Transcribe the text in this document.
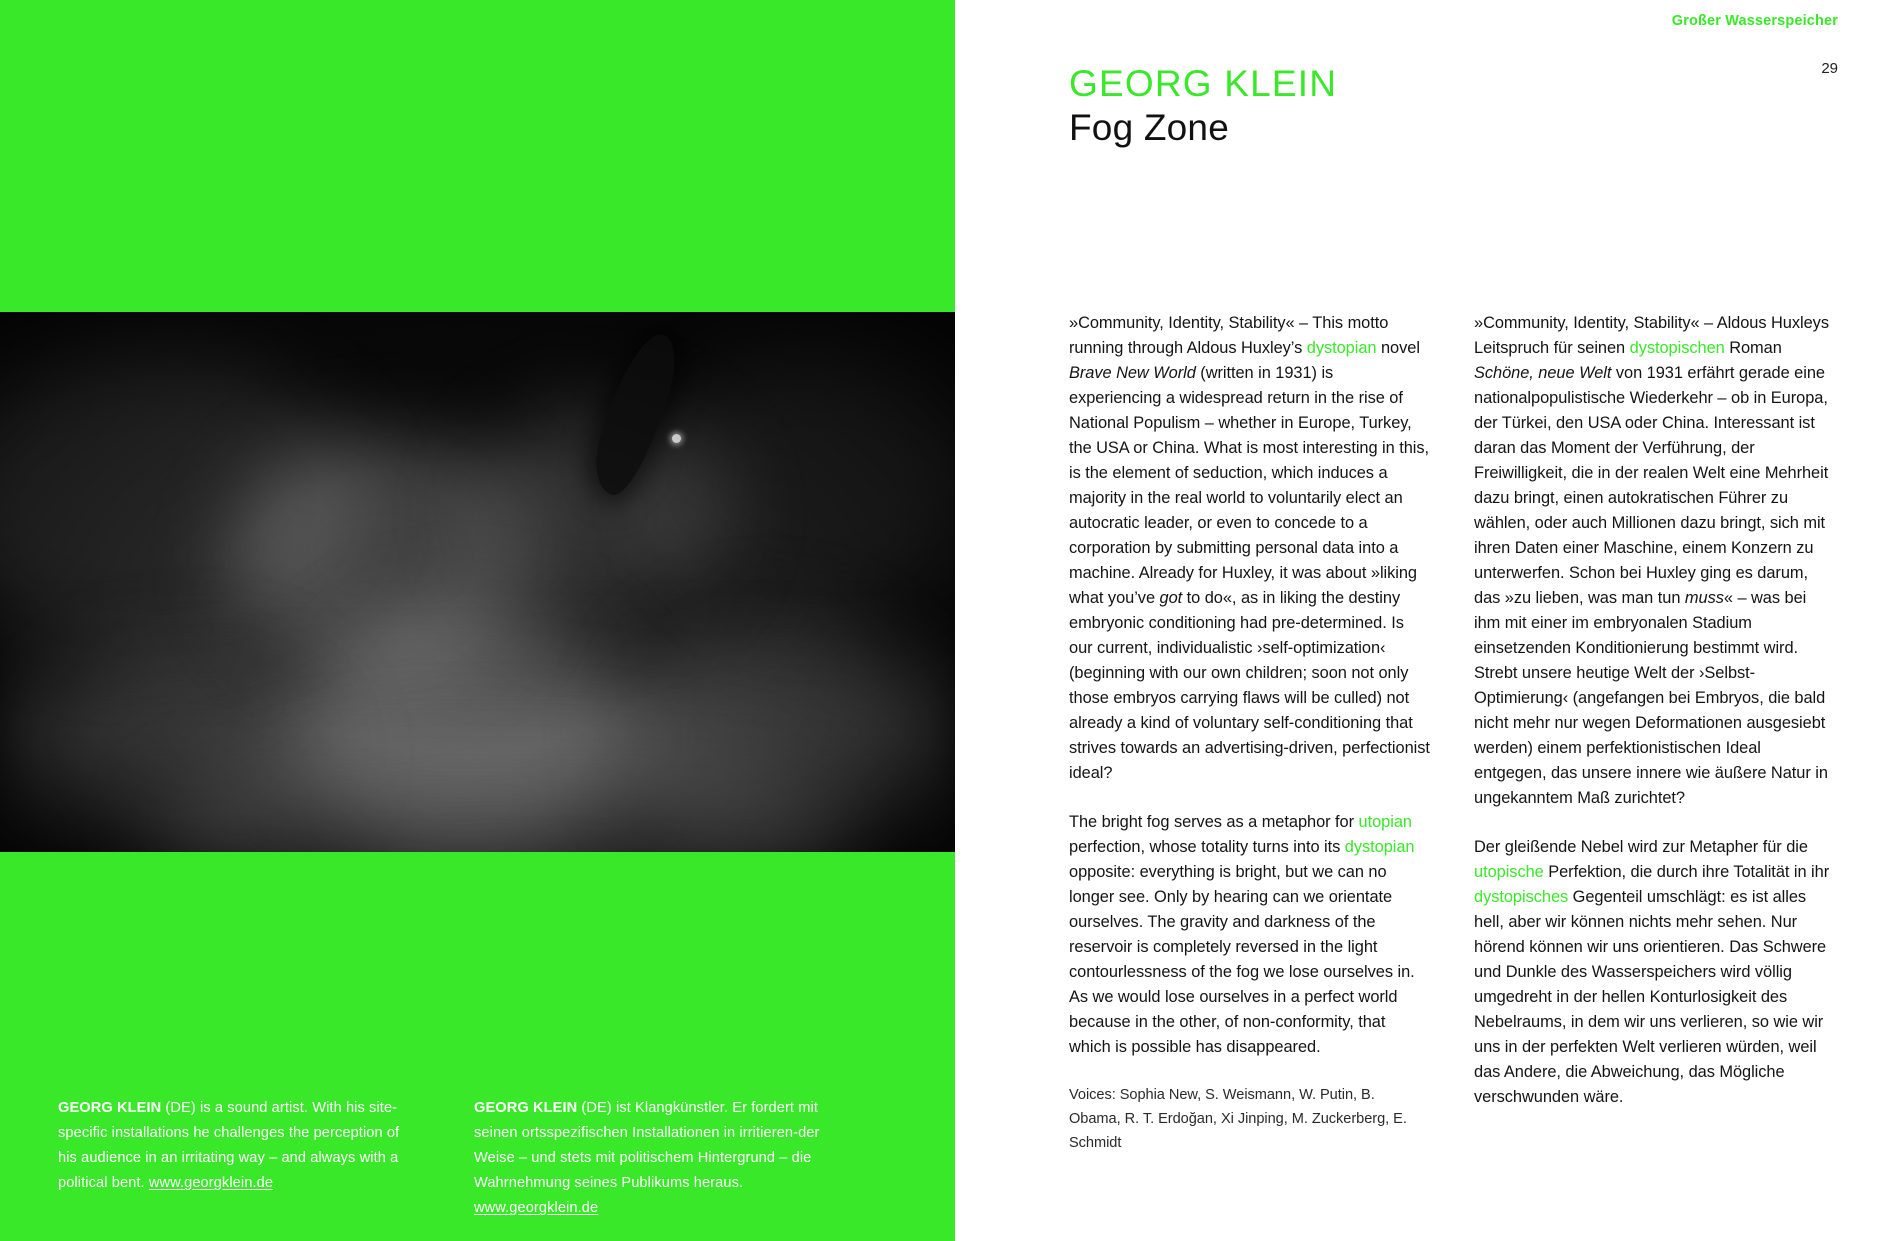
GEORG KLEIN (DE) is a sound artist. With his site-specific installations he challenges the perception of his audience in an irritating way – and always with a political bent. www.georgklein.de

GEORG KLEIN (DE) ist Klangkünstler. Er fordert mit seinen ortsspezifischen Installationen in irritieren-der Weise – und stets mit politischem Hintergrund – die Wahrnehmung seines Publikums heraus. www.georgklein.de

Großer Wasserspeicher
29
GEORG KLEIN
Fog Zone

»Community, Identity, Stability« – This motto running through Aldous Huxley’s dystopian novel Brave New World (written in 1931) is experiencing a widespread return in the rise of National Populism – whether in Europe, Turkey, the USA or China. What is most interesting in this, is the element of seduction, which induces a majority in the real world to voluntarily elect an autocratic leader, or even to concede to a corporation by submitting personal data into a machine. Already for Huxley, it was about »liking what you’ve got to do«, as in liking the destiny embryonic conditioning had pre-determined. Is our current, individualistic ›self-optimization‹ (beginning with our own children; soon not only those embryos carrying flaws will be culled) not already a kind of voluntary self-conditioning that strives towards an advertising-driven, perfectionist ideal?

The bright fog serves as a metaphor for utopian perfection, whose totality turns into its dystopian opposite: everything is bright, but we can no longer see. Only by hearing can we orientate ourselves. The gravity and darkness of the reservoir is completely reversed in the light contourlessness of the fog we lose ourselves in. As we would lose ourselves in a perfect world because in the other, of non-conformity, that which is possible has disappeared.

Voices: Sophia New, S. Weismann, W. Putin, B. Obama, R. T. Erdoğan, Xi Jinping, M. Zuckerberg, E. Schmidt

»Community, Identity, Stability« – Aldous Huxleys Leitspruch für seinen dystopischen Roman Schöne, neue Welt von 1931 erfährt gerade eine nationalpopulistische Wiederkehr – ob in Europa, der Türkei, den USA oder China. Interessant ist daran das Moment der Verführung, der Freiwilligkeit, die in der realen Welt eine Mehrheit dazu bringt, einen autokratischen Führer zu wählen, oder auch Millionen dazu bringt, sich mit ihren Daten einer Maschine, einem Konzern zu unterwerfen. Schon bei Huxley ging es darum, das »zu lieben, was man tun muss« – was bei ihm mit einer im embryonalen Stadium einsetzenden Konditionierung bestimmt wird. Strebt unsere heutige Welt der ›Selbst-Optimierung‹ (angefangen bei Embryos, die bald nicht mehr nur wegen Deformationen ausgesiebt werden) einem perfektionistischen Ideal entgegen, das unsere innere wie äußere Natur in ungekanntem Maß zurichtet?

Der gleißende Nebel wird zur Metapher für die utopische Perfektion, die durch ihre Totalität in ihr dystopisches Gegenteil umschlägt: es ist alles hell, aber wir können nichts mehr sehen. Nur hörend können wir uns orientieren. Das Schwere und Dunkle des Wasserspeichers wird völlig umgedreht in der hellen Konturlosigkeit des Nebelraums, in dem wir uns verlieren, so wie wir uns in der perfekten Welt verlieren würden, weil das Andere, die Abweichung, das Mögliche verschwunden wäre.
